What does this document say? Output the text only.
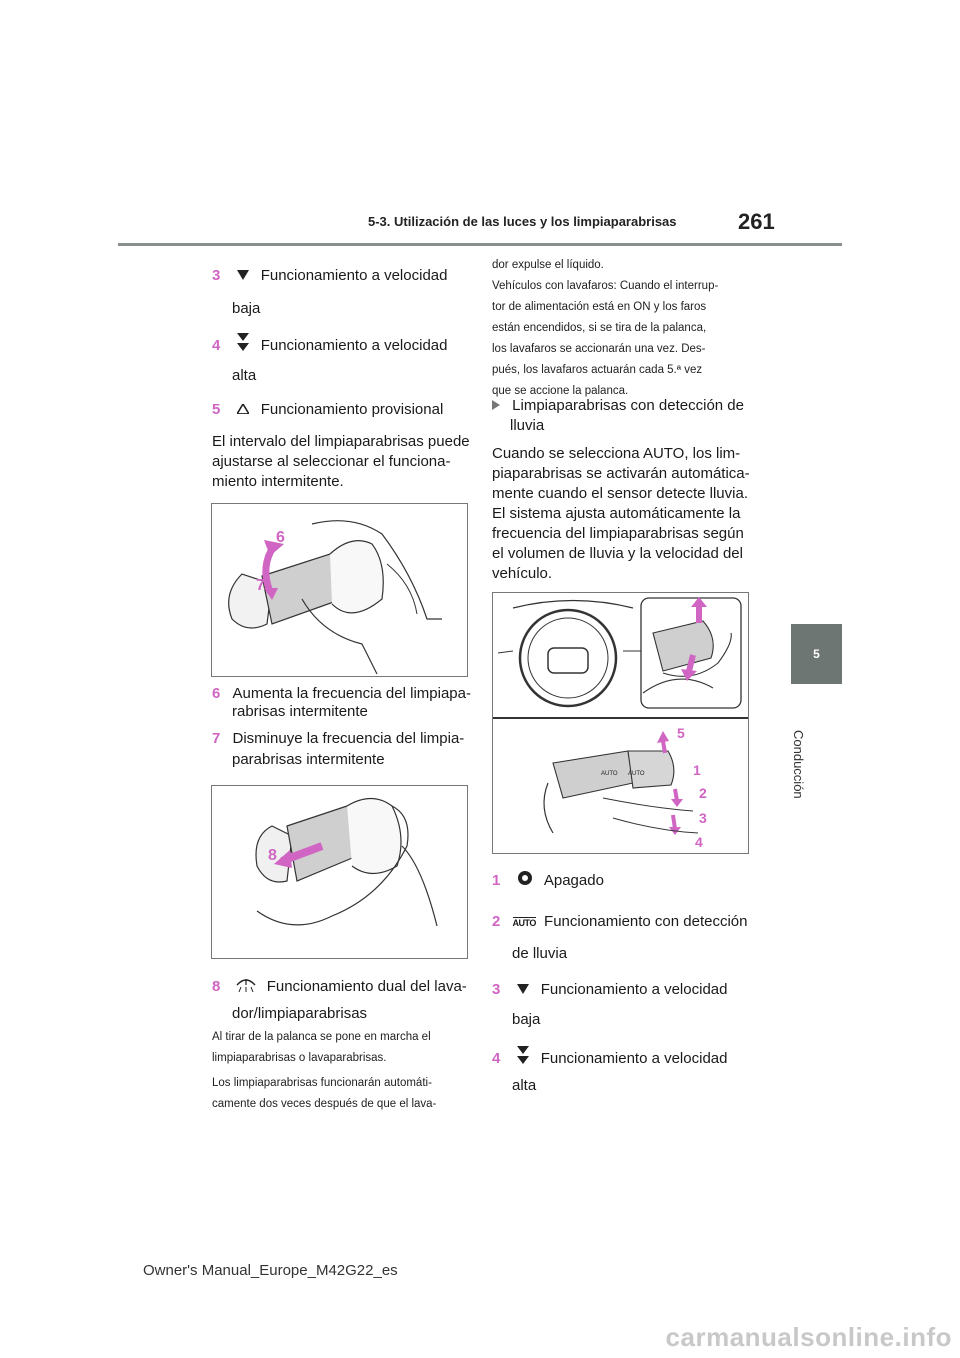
5-3. Utilización de las luces y los limpiaparabrisas	261
5
Conducción
3	Funcionamiento a velocidad
baja
4	Funcionamiento a velocidad
alta
5	Funcionamiento provisional
El intervalo del limpiaparabrisas puede
ajustarse al seleccionar el funciona-
miento intermitente.
6
7
6 Aumenta la frecuencia del limpiapa-
rabrisas intermitente
7 Disminuye la frecuencia del limpia-
parabrisas intermitente
8
8	Funcionamiento dual del lava-
dor/limpiaparabrisas
Al tirar de la palanca se pone en marcha el
limpiaparabrisas o lavaparabrisas.
Los limpiaparabrisas funcionarán automáti-
camente dos veces después de que el lava-
dor expulse el líquido.
Vehículos con lavafaros: Cuando el interrup-
tor de alimentación está en ON y los faros
están encendidos, si se tira de la palanca,
los lavafaros se accionarán una vez. Des-
pués, los lavafaros actuarán cada 5.ª vez
que se accione la palanca.
Limpiaparabrisas con detección de
lluvia
Cuando se selecciona AUTO, los lim-
piaparabrisas se activarán automática-
mente cuando el sensor detecte lluvia.
El sistema ajusta automáticamente la
frecuencia del limpiaparabrisas según
el volumen de lluvia y la velocidad del
vehículo.
AUTO AUTO
5
1
2
3
4
1	Apagado
2 AUTO Funcionamiento con detección
de lluvia
3	Funcionamiento a velocidad
baja
4	Funcionamiento a velocidad
alta
Owner's Manual_Europe_M42G22_es
carmanualsonline.info
